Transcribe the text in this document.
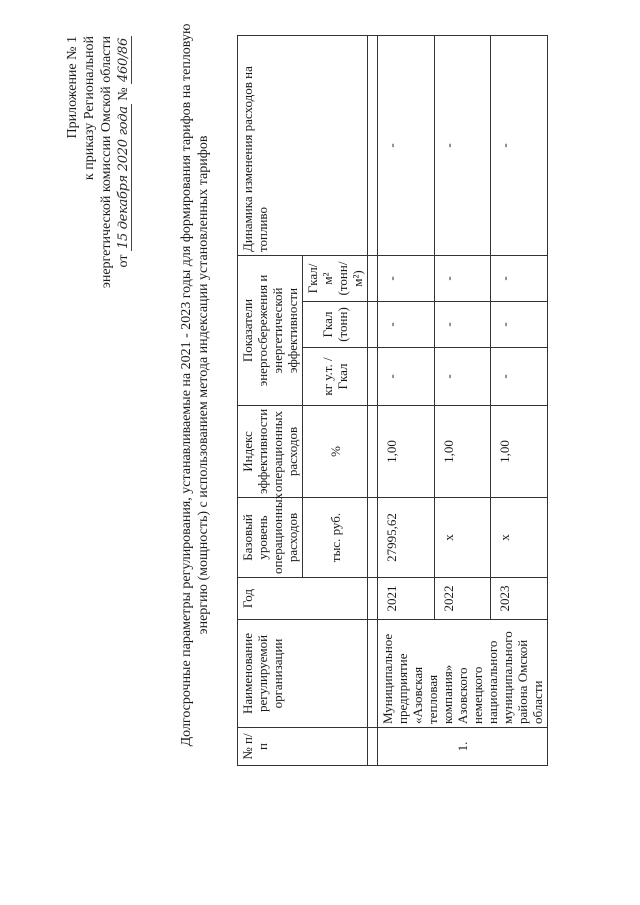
Приложение № 1 к приказу Региональной энергетической комиссии Омской области от 15 декабря 2020 года № 460/86	Долгосрочные параметры регулирования, устанавливаемые на 2021 - 2023 годы для формирования тарифов на тепловую энергию (мощность) с использованием метода индексации установленных тарифов
№ п/п	Наименование регулируемой организации	Год	Базовый уровень операционных расходов	Индекс эффективности операционных расходов	Показатели энергосбережения и энергетической эффективности			Динамика изменения расходов на топливо
			тыс. руб.	%	кг у.т. /Гкал	Гкал (тонн)	Гкал/м² (тонн/м²)	

1.	Муниципальное предприятие «Азовская тепловая компания» Азовского немецкого национального муниципального района Омской области	2021	27995,62	1,00	-	-	-	-
		2022	х	1,00	-	-	-	-
		2023	х	1,00	-	-	-	-
